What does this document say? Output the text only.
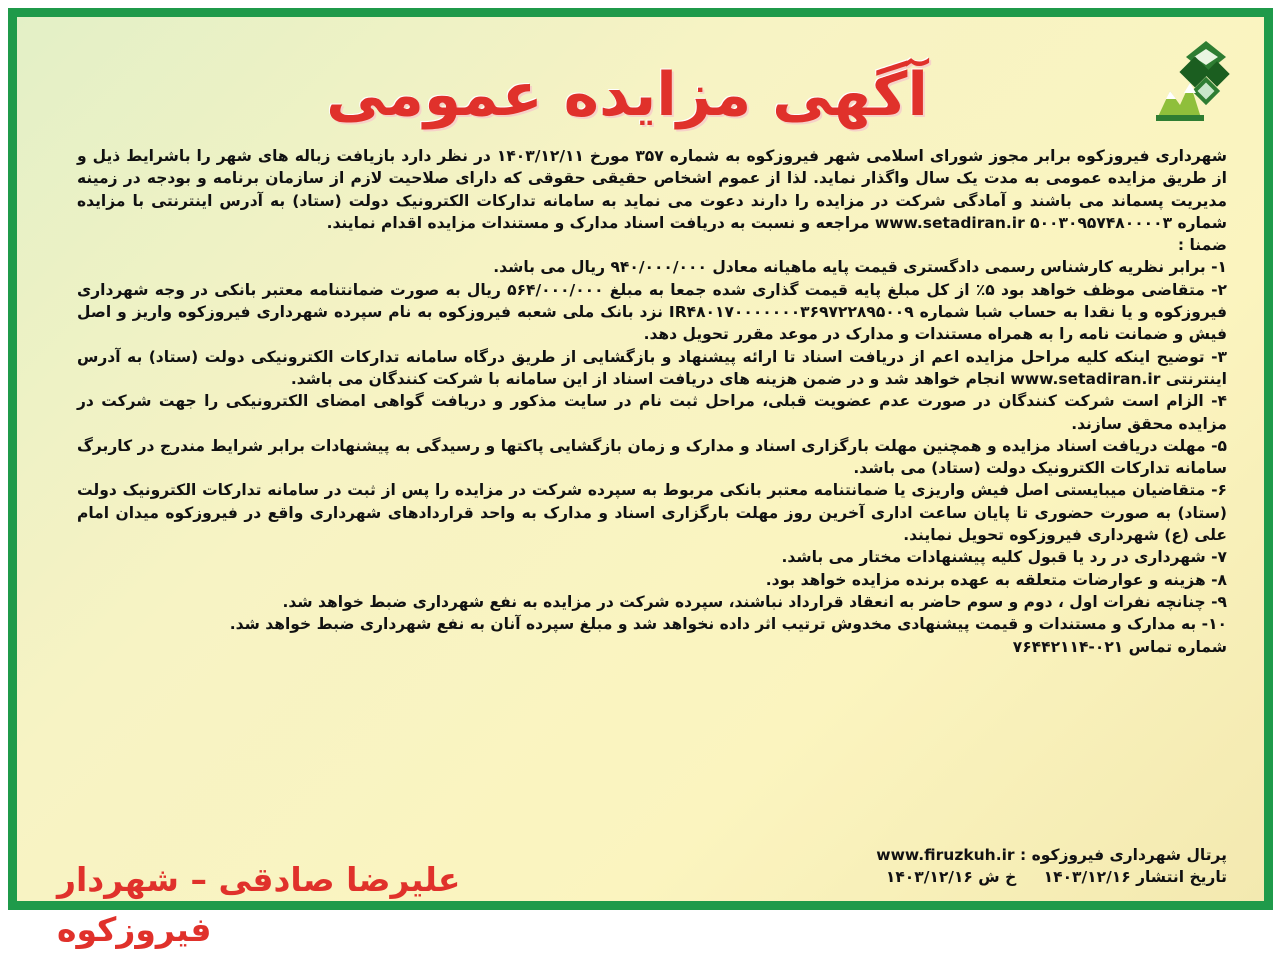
آگهی مزایده عمومی

شهرداری فیروزکوه برابر مجوز شورای اسلامی شهر فیروزکوه به شماره ۳۵۷ مورخ ۱۴۰۳/۱۲/۱۱ در نظر دارد بازیافت زباله های شهر را باشرایط ذیل و از طریق مزایده عمومی به مدت یک سال واگذار نماید. لذا از عموم اشخاص حقیقی حقوقی که دارای صلاحیت لازم از سازمان برنامه و بودجه در زمینه مدیریت پسماند می باشند و آمادگی شرکت در مزایده را دارند دعوت می نماید به سامانه تدارکات الکترونیک دولت (ستاد) به آدرس اینترنتی با مزایده شماره ۵۰۰۳۰۹۵۷۴۸۰۰۰۰۳ www.setadiran.ir مراجعه و نسبت به دریافت اسناد مدارک و مستندات مزایده اقدام نمایند.

ضمنا :

۱- برابر نظریه کارشناس رسمی دادگستری قیمت پایه ماهیانه معادل ۹۴۰/۰۰۰/۰۰۰ ریال می باشد.

۲- متقاضی موظف خواهد بود ۵٪ از کل مبلغ پایه قیمت گذاری شده جمعا به مبلغ ۵۶۴/۰۰۰/۰۰۰ ریال به صورت ضمانتنامه معتبر بانکی در وجه شهرداری فیروزکوه و یا نقدا به حساب شبا شماره IR۴۸۰۱۷۰۰۰۰۰۰۰۳۶۹۷۲۲۸۹۵۰۰۹ نزد بانک ملی شعبه فیروزکوه به نام سپرده شهرداری فیروزکوه واریز و اصل فیش و ضمانت نامه را به همراه مستندات و مدارک در موعد مقرر تحویل دهد.

۳- توضیح اینکه کلیه مراحل مزایده اعم از دریافت اسناد تا ارائه پیشنهاد و بازگشایی از طریق درگاه سامانه تدارکات الکترونیکی دولت (ستاد) به آدرس اینترنتی www.setadiran.ir انجام خواهد شد و در ضمن هزینه های دریافت اسناد از این سامانه با شرکت کنندگان می باشد.

۴- الزام است شرکت کنندگان در صورت عدم عضویت قبلی، مراحل ثبت نام در سایت مذکور و دریافت گواهی امضای الکترونیکی را جهت شرکت در مزایده محقق سازند.

۵- مهلت دریافت اسناد مزایده و همچنین مهلت بارگزاری اسناد و مدارک و زمان بازگشایی پاکتها و رسیدگی به پیشنهادات برابر شرایط مندرج در کاربرگ سامانه تدارکات الکترونیک دولت (ستاد) می باشد.

۶- متقاضیان میبایستی اصل فیش واریزی یا ضمانتنامه معتبر بانکی مربوط به سپرده شرکت در مزایده را پس از ثبت در سامانه تدارکات الکترونیک دولت (ستاد) به صورت حضوری تا پایان ساعت اداری آخرین روز مهلت بارگزاری اسناد و مدارک به واحد قراردادهای شهرداری واقع در فیروزکوه میدان امام علی (ع) شهرداری فیروزکوه تحویل نمایند.

۷- شهرداری در رد یا قبول کلیه پیشنهادات مختار می باشد.

۸- هزینه و عوارضات متعلقه به عهده برنده مزایده خواهد بود.

۹- چنانچه نفرات اول ، دوم و سوم حاضر به انعقاد قرارداد نباشند، سپرده شرکت در مزایده به نفع شهرداری ضبط خواهد شد.

۱۰- به مدارک و مستندات و قیمت پیشنهادی مخدوش ترتیب اثر داده نخواهد شد و مبلغ سپرده آنان به نفع شهرداری ضبط خواهد شد.

شماره تماس ۰۲۱-۷۶۴۴۲۱۱۴

پرتال شهرداری فیروزکوه : www.firuzkuh.ir
تاریخ انتشار ۱۴۰۳/۱۲/۱۶ خ ش ۱۴۰۳/۱۲/۱۶
علیرضا صادقی – شهردار فیروزکوه
